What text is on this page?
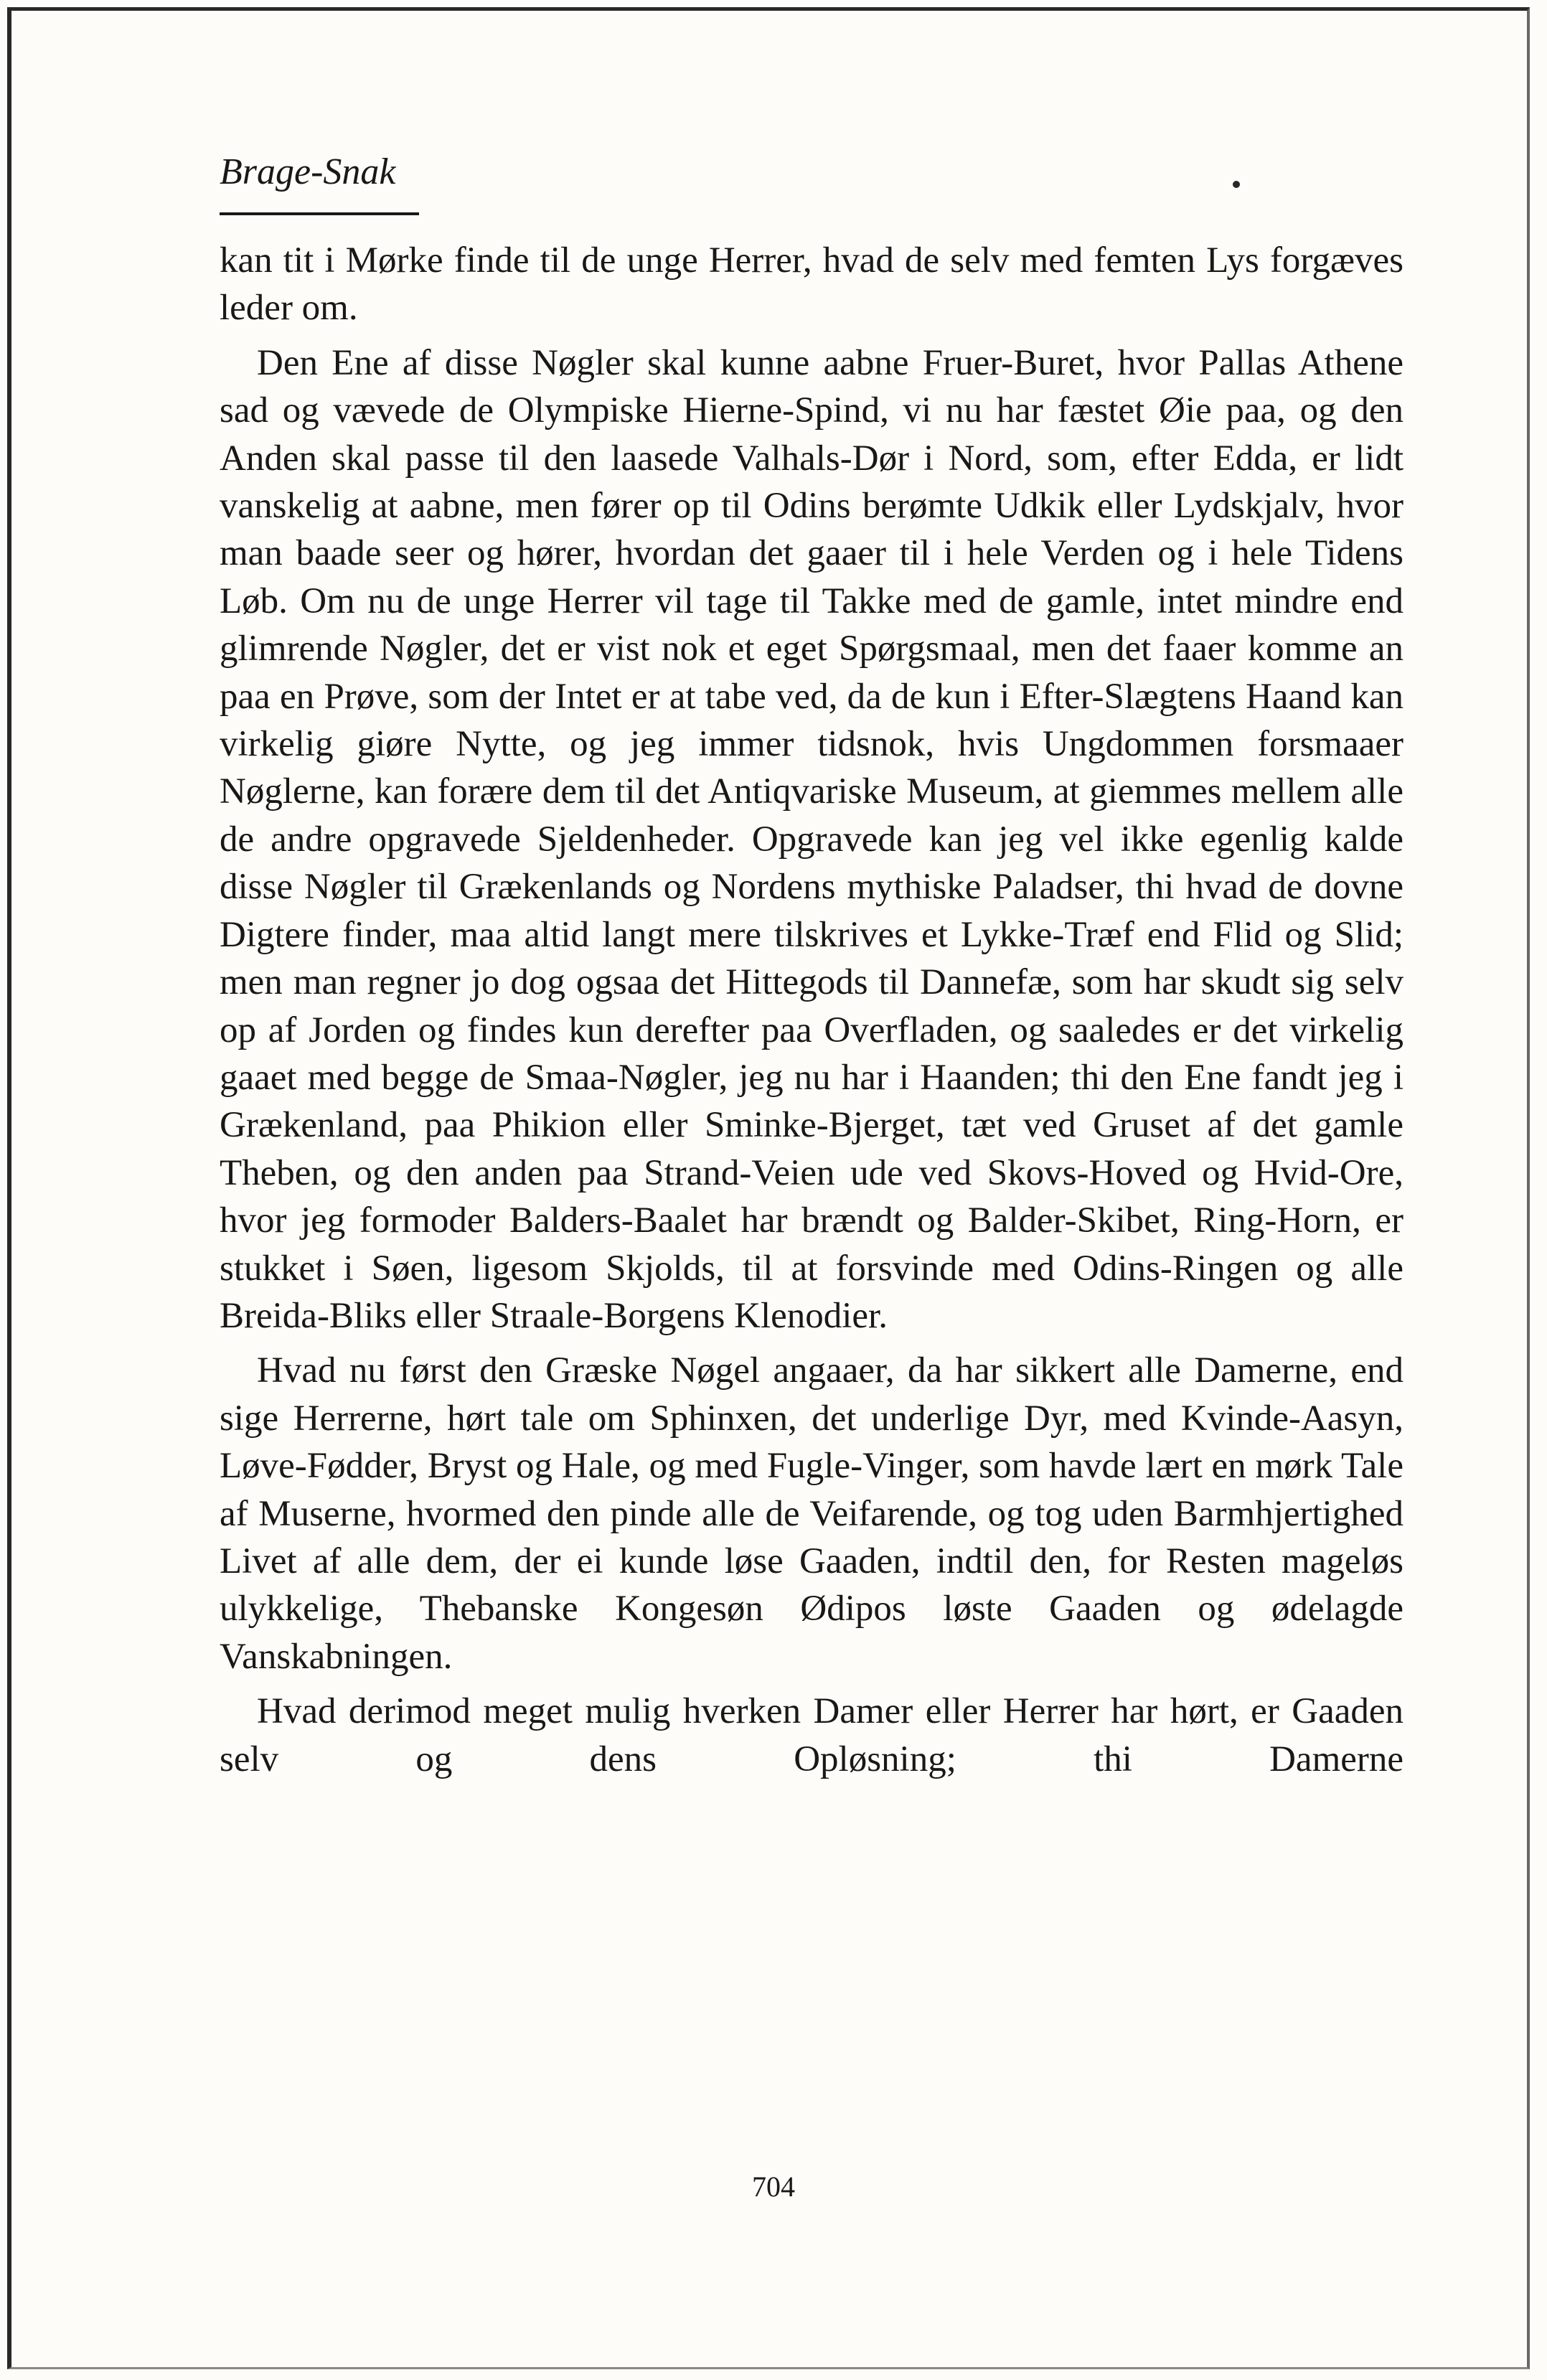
Brage-Snak

kan tit i Mørke finde til de unge Herrer, hvad de selv med femten Lys forgæves leder om.

Den Ene af disse Nøgler skal kunne aabne Fruer-Buret, hvor Pallas Athene sad og vævede de Olympiske Hierne-Spind, vi nu har fæstet Øie paa, og den Anden skal passe til den laasede Valhals-Dør i Nord, som, efter Edda, er lidt vanskelig at aabne, men fører op til Odins berømte Udkik eller Lydskjalv, hvor man baade seer og hører, hvordan det gaaer til i hele Verden og i hele Tidens Løb. Om nu de unge Herrer vil tage til Takke med de gamle, intet mindre end glimrende Nøgler, det er vist nok et eget Spørgsmaal, men det faaer komme an paa en Prøve, som der Intet er at tabe ved, da de kun i Efter-Slægtens Haand kan virkelig giøre Nytte, og jeg immer tidsnok, hvis Ungdommen forsmaaer Nøglerne, kan forære dem til det Antiqvariske Museum, at giemmes mellem alle de andre opgravede Sjeldenheder. Opgravede kan jeg vel ikke egenlig kalde disse Nøgler til Grækenlands og Nordens mythiske Paladser, thi hvad de dovne Digtere finder, maa altid langt mere tilskrives et Lykke-Træf end Flid og Slid; men man regner jo dog ogsaa det Hittegods til Dannefæ, som har skudt sig selv op af Jorden og findes kun derefter paa Overfladen, og saaledes er det virkelig gaaet med begge de Smaa-Nøgler, jeg nu har i Haanden; thi den Ene fandt jeg i Grækenland, paa Phikion eller Sminke-Bjerget, tæt ved Gruset af det gamle Theben, og den anden paa Strand-Veien ude ved Skovs-Hoved og Hvid-Ore, hvor jeg formoder Balders-Baalet har brændt og Balder-Skibet, Ring-Horn, er stukket i Søen, ligesom Skjolds, til at forsvinde med Odins-Ringen og alle Breida-Bliks eller Straale-Borgens Klenodier.

Hvad nu først den Græske Nøgel angaaer, da har sikkert alle Damerne, end sige Herrerne, hørt tale om Sphinxen, det underlige Dyr, med Kvinde-Aasyn, Løve-Fødder, Bryst og Hale, og med Fugle-Vinger, som havde lært en mørk Tale af Muserne, hvormed den pinde alle de Veifarende, og tog uden Barmhjertighed Livet af alle dem, der ei kunde løse Gaaden, indtil den, for Resten mageløs ulykkelige, Thebanske Kongesøn Ødipos løste Gaaden og ødelagde Vanskabningen.

Hvad derimod meget mulig hverken Damer eller Herrer har hørt, er Gaaden selv og dens Opløsning; thi Damerne

704
